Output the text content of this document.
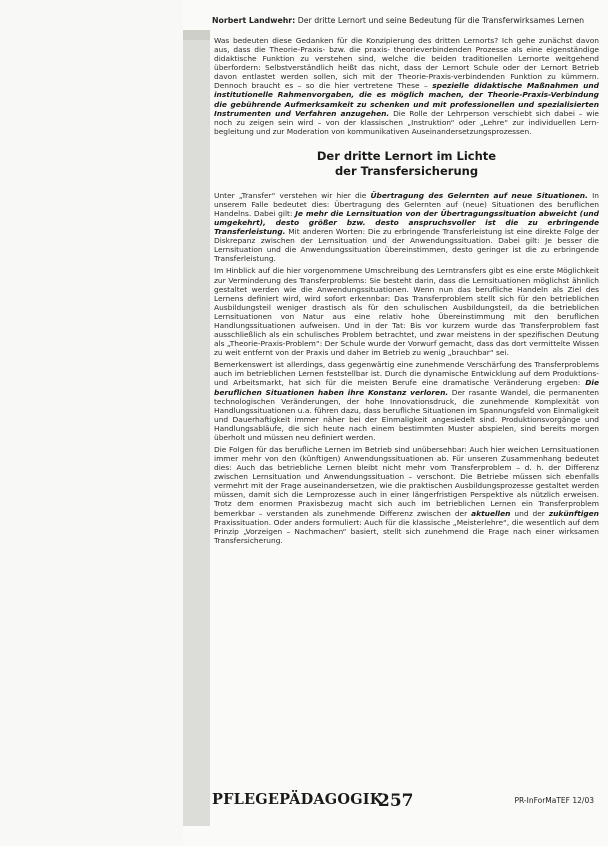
Norbert Landwehr: Der dritte Lernort und seine Bedeutung für die Transferwirksames Lernen

Was bedeuten diese Gedanken für die Konzipierung des dritten Lernorts? Ich gehe zunächst davon aus, dass die Theorie-Praxis- bzw. die praxis- theorieverbindenden Prozesse als eine eigenständige didaktische Funktion zu verstehen sind, welche die beiden traditionellen Lernorte weitgehend überfordern: Selbstverständlich heißt das nicht, dass der Lernort Schule oder der Lernort Betrieb davon entlastet werden sollen, sich mit der Theorie-Praxis-verbindenden Funktion zu kümmern. Dennoch braucht es – so die hier vertretene These – spezielle didaktische Maßnahmen und institutionelle Rahmenvorgaben, die es möglich machen, der Theorie-Praxis-Verbindung die gebührende Aufmerksamkeit zu schenken und mit professionellen und spezialisierten Instrumenten und Verfahren anzugehen. Die Rolle der Lehrperson verschiebt sich dabei – wie noch zu zeigen sein wird – von der klassischen „Instruktion“ oder „Lehre“ zur individuellen Lernbegleitung und zur Moderation von kommunikativen Auseinandersetzungsprozessen.

Der dritte Lernort im Lichte
der Transfersicherung

Unter „Transfer“ verstehen wir hier die Übertragung des Gelernten auf neue Situationen. In unserem Falle bedeutet dies: Übertragung des Gelernten auf (neue) Situationen des beruflichen Handelns. Dabei gilt: Je mehr die Lernsituation von der Übertragungssituation abweicht (und umgekehrt), desto größer bzw. desto anspruchsvoller ist die zu erbringende Transferleistung. Mit anderen Worten: Die zu erbringende Transferleistung ist eine direkte Folge der Diskrepanz zwischen der Lernsituation und der Anwendungssituation. Dabei gilt: Je besser die Lernsituation und die Anwendungssituation übereinstimmen, desto geringer ist die zu erbringende Transferleistung.

Im Hinblick auf die hier vorgenommene Umschreibung des Lerntransfers gibt es eine erste Möglichkeit zur Verminderung des Transferproblems: Sie besteht darin, dass die Lernsituationen möglichst ähnlich gestaltet werden wie die Anwendungssituationen. Wenn nun das berufliche Handeln als Ziel des Lernens definiert wird, wird sofort erkennbar: Das Transferproblem stellt sich für den betrieblichen Ausbildungsteil weniger drastisch als für den schulischen Ausbildungsteil, da die betrieblichen Lernsituationen von Natur aus eine relativ hohe Übereinstimmung mit den beruflichen Handlungssituationen aufweisen. Und in der Tat: Bis vor kurzem wurde das Transferproblem fast ausschließlich als ein schulisches Problem betrachtet, und zwar meistens in der spezifischen Deutung als „Theorie-Praxis-Problem“: Der Schule wurde der Vorwurf gemacht, dass das dort vermittelte Wissen zu weit entfernt von der Praxis und daher im Betrieb zu wenig „brauchbar“ sei.

Bemerkenswert ist allerdings, dass gegenwärtig eine zunehmende Verschärfung des Transferproblems auch im betrieblichen Lernen feststellbar ist. Durch die dynamische Entwicklung auf dem Produktions- und Arbeitsmarkt, hat sich für die meisten Berufe eine dramatische Veränderung ergeben: Die beruflichen Situationen haben ihre Konstanz verloren. Der rasante Wandel, die permanenten technologischen Veränderungen, der hohe Innovationsdruck, die zunehmende Komplexität von Handlungssituationen u.a. führen dazu, dass berufliche Situationen im Spannungsfeld von Einmaligkeit und Dauerhaftigkeit immer näher bei der Einmaligkeit angesiedelt sind. Produktionsvorgänge und Handlungsabläufe, die sich heute nach einem bestimmten Muster abspielen, sind bereits morgen überholt und müssen neu definiert werden.

Die Folgen für das berufliche Lernen im Betrieb sind unübersehbar: Auch hier weichen Lernsituationen immer mehr von den (künftigen) Anwendungssituationen ab. Für unseren Zusammenhang bedeutet dies: Auch das betriebliche Lernen bleibt nicht mehr vom Transferproblem – d. h. der Differenz zwischen Lernsituation und Anwendungssituation – verschont. Die Betriebe müssen sich ebenfalls vermehrt mit der Frage auseinandersetzen, wie die praktischen Ausbildungsprozesse gestaltet werden müssen, damit sich die Lernprozesse auch in einer längerfristigen Perspektive als nützlich erweisen. Trotz dem enormen Praxisbezug macht sich auch im betrieblichen Lernen ein Transferproblem bemerkbar – verstanden als zunehmende Differenz zwischen der aktuellen und der zukünftigen Praxissituation. Oder anders formuliert: Auch für die klassische „Meisterlehre“, die wesentlich auf dem Prinzip „Vorzeigen – Nachmachen“ basiert, stellt sich zunehmend die Frage nach einer wirksamen Transfersicherung.

PFLEGEPÄDAGOGIK
257	PR-InForMaTEF 12/03
